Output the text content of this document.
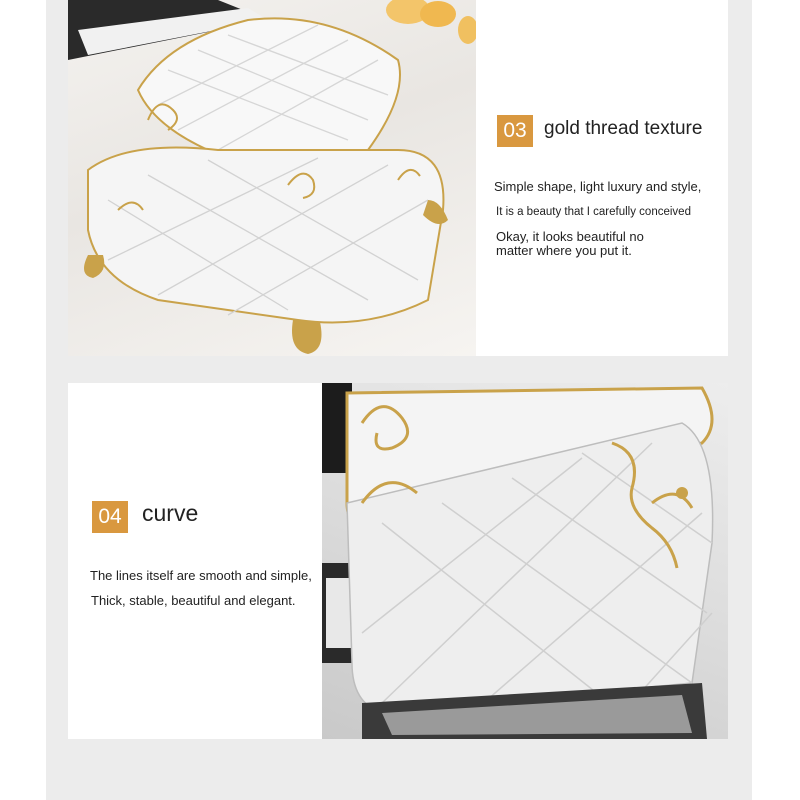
03 gold thread texture
Simple shape, light luxury and style,
It is a beauty that I carefully conceived
Okay, it looks beautiful no
matter where you put it.
04 curve
The lines itself are smooth and simple,
Thick, stable, beautiful and elegant.
